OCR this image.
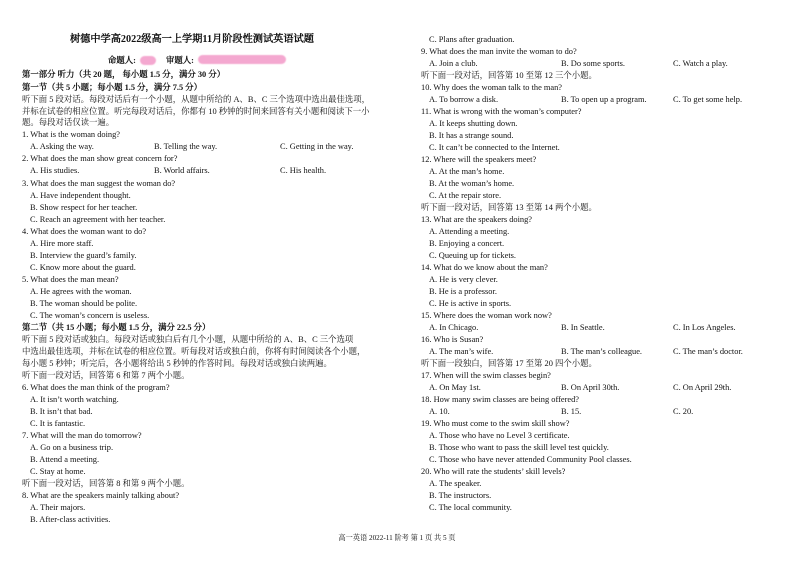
树德中学高2022级高一上学期11月阶段性测试英语试题
命题人:	审题人:
第一部分 听力（共 20 题， 每小题 1.5 分，满分 30 分）
第一节（共 5 小题；每小题 1.5 分，满分 7.5 分）
听下面 5 段对话。每段对话后有一个小题，从题中所给的 A、B、C 三个选项中选出最佳选项，
并标在试卷的相应位置。听完每段对话后，你都有 10 秒钟的时间来回答有关小题和阅读下一小
题。每段对话仅读一遍。
1. What is the woman doing?
A. Asking the way.	B. Telling the way.	C. Getting in the way.
2. What does the man show great concern for?
A. His studies.	B. World affairs.	C. His health.
3. What does the man suggest the woman do?
A. Have independent thought.
B. Show respect for her teacher.
C. Reach an agreement with her teacher.
4. What does the woman want to do?
A. Hire more staff.
B. Interview the guard’s family.
C. Know more about the guard.
5. What does the man mean?
A. He agrees with the woman.
B. The woman should be polite.
C. The woman’s concern is useless.
第二节（共 15 小题；每小题 1.5 分，满分 22.5 分）
听下面 5 段对话或独白。每段对话或独白后有几个小题，从题中所给的 A、B、C 三个选项
中选出最佳选项，并标在试卷的相应位置。听每段对话或独白前，你将有时间阅读各个小题，
每小题 5 秒钟；听完后，各小题将给出 5 秒钟的作答时间。每段对话或独白读两遍。
听下面一段对话，回答第 6 和第 7 两个小题。
6. What does the man think of the program?
A. It isn’t worth watching.
B. It isn’t that bad.
C. It is fantastic.
7. What will the man do tomorrow?
A. Go on a business trip.
B. Attend a meeting.
C. Stay at home.
听下面一段对话，回答第 8 和第 9 两个小题。
8. What are the speakers mainly talking about?
A. Their majors.
B. After-class activities.
C. Plans after graduation.
9. What does the man invite the woman to do?
A. Join a club.	B. Do some sports.	C. Watch a play.
听下面一段对话，回答第 10 至第 12 三个小题。
10. Why does the woman talk to the man?
A. To borrow a disk.	B. To open up a program.	C. To get some help.
11. What is wrong with the woman’s computer?
A. It keeps shutting down.
B. It has a strange sound.
C. It can’t be connected to the Internet.
12. Where will the speakers meet?
A. At the man’s home.
B. At the woman’s home.
C. At the repair store.
听下面一段对话，回答第 13 至第 14 两个小题。
13. What are the speakers doing?
A. Attending a meeting.
B. Enjoying a concert.
C. Queuing up for tickets.
14. What do we know about the man?
A. He is very clever.
B. He is a professor.
C. He is active in sports.
15. Where does the woman work now?
A. In Chicago.	B. In Seattle.	C. In Los Angeles.
16. Who is Susan?
A. The man’s wife.	B. The man’s colleague.	C. The man’s doctor.
听下面一段独白，回答第 17 至第 20 四个小题。
17. When will the swim classes begin?
A. On May 1st.	B. On April 30th.	C. On April 29th.
18. How many swim classes are being offered?
A. 10.	B. 15.	C. 20.
19. Who must come to the swim skill show?
A. Those who have no Level 3 certificate.
B. Those who want to pass the skill level test quickly.
C. Those who have never attended Community Pool classes.
20. Who will rate the students’ skill levels?
A. The speaker.
B. The instructors.
C. The local community.
高一英语 2022-11 阶考 第 1 页 共 5 页
